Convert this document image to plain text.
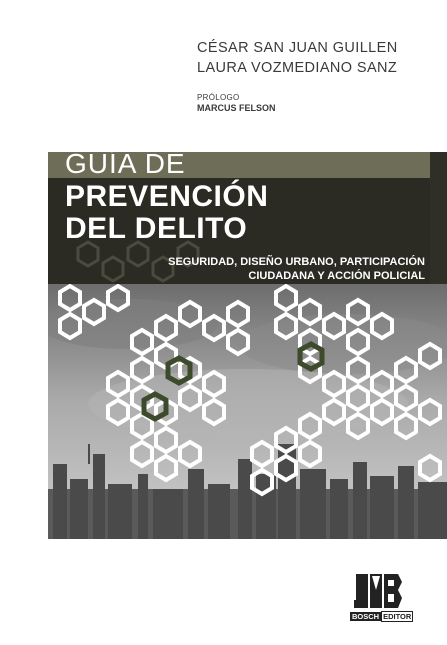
CÉSAR SAN JUAN GUILLEN
LAURA VOZMEDIANO SANZ
PRÓLOGO
MARCUS FELSON
GUÍA DE
PREVENCIÓN
DEL DELITO
SEGURIDAD, DISEÑO URBANO, PARTICIPACIÓN
CIUDADANA Y ACCIÓN POLICIAL
BOSCH EDITOR
